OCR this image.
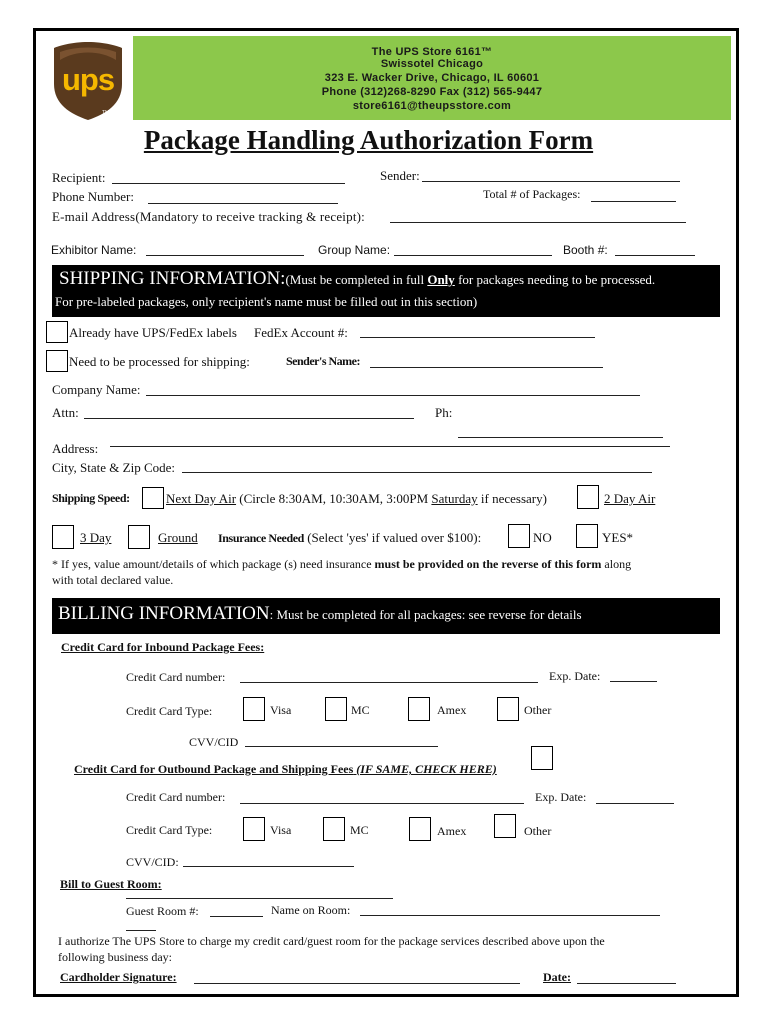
ups
TM
The UPS Store 6161™
Swissotel Chicago
323 E. Wacker Drive, Chicago, IL 60601
Phone (312)268-8290 Fax (312) 565-9447
store6161@theupsstore.com
Package Handling Authorization Form
Recipient:	Sender:
Phone Number:	Total # of Packages:
E-mail Address(Mandatory to receive tracking & receipt):
Exhibitor Name:	Group Name:	Booth #:
SHIPPING INFORMATION:(Must be completed in full Only for packages needing to be processed.
For pre-labeled packages, only recipient's name must be filled out in this section)
Already have UPS/FedEx labels FedEx Account #:
Need to be processed for shipping:	Sender's Name:
Company Name:
Attn:	Ph:
Address:
City, State & Zip Code:
Shipping Speed:	Next Day Air (Circle 8:30AM, 10:30AM, 3:00PM Saturday if necessary)	2 Day Air
3 Day	Ground Insurance Needed (Select 'yes' if valued over $100):	NO	YES*
* If yes, value amount/details of which package (s) need insurance must be provided on the reverse of this form along
with total declared value.
BILLING INFORMATION: Must be completed for all packages: see reverse for details
Credit Card for Inbound Package Fees:
Credit Card number:	Exp. Date:
Credit Card Type:	Visa	MC	Amex	Other
CVV/CID
Credit Card for Outbound Package and Shipping Fees (IF SAME, CHECK HERE)
Credit Card number:	Exp. Date:
Credit Card Type:	Visa	MC	Amex	Other
CVV/CID:
Bill to Guest Room:
Guest Room #:	Name on Room:
I authorize The UPS Store to charge my credit card/guest room for the package services described above upon the
following business day:
Cardholder Signature:	Date:
